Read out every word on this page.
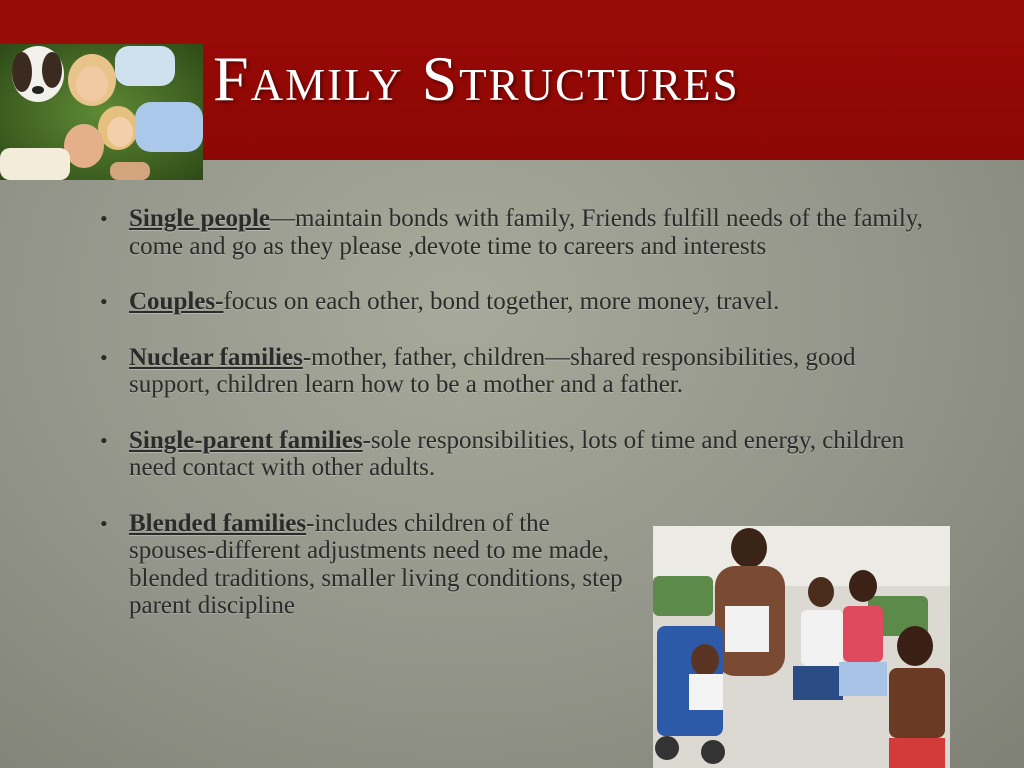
Family Structures
• Single people—maintain bonds with family, Friends fulfill needs of the family, come and go as they please ,devote time to careers and interests
• Couples-focus on each other, bond together, more money, travel.
• Nuclear families-mother, father, children—shared responsibilities, good support, children learn how to be a mother and a father.
• Single-parent families-sole responsibilities, lots of time and energy, children need contact with other adults.
• Blended families-includes children of the spouses-different adjustments need to me made, blended traditions, smaller living conditions, step parent discipline
